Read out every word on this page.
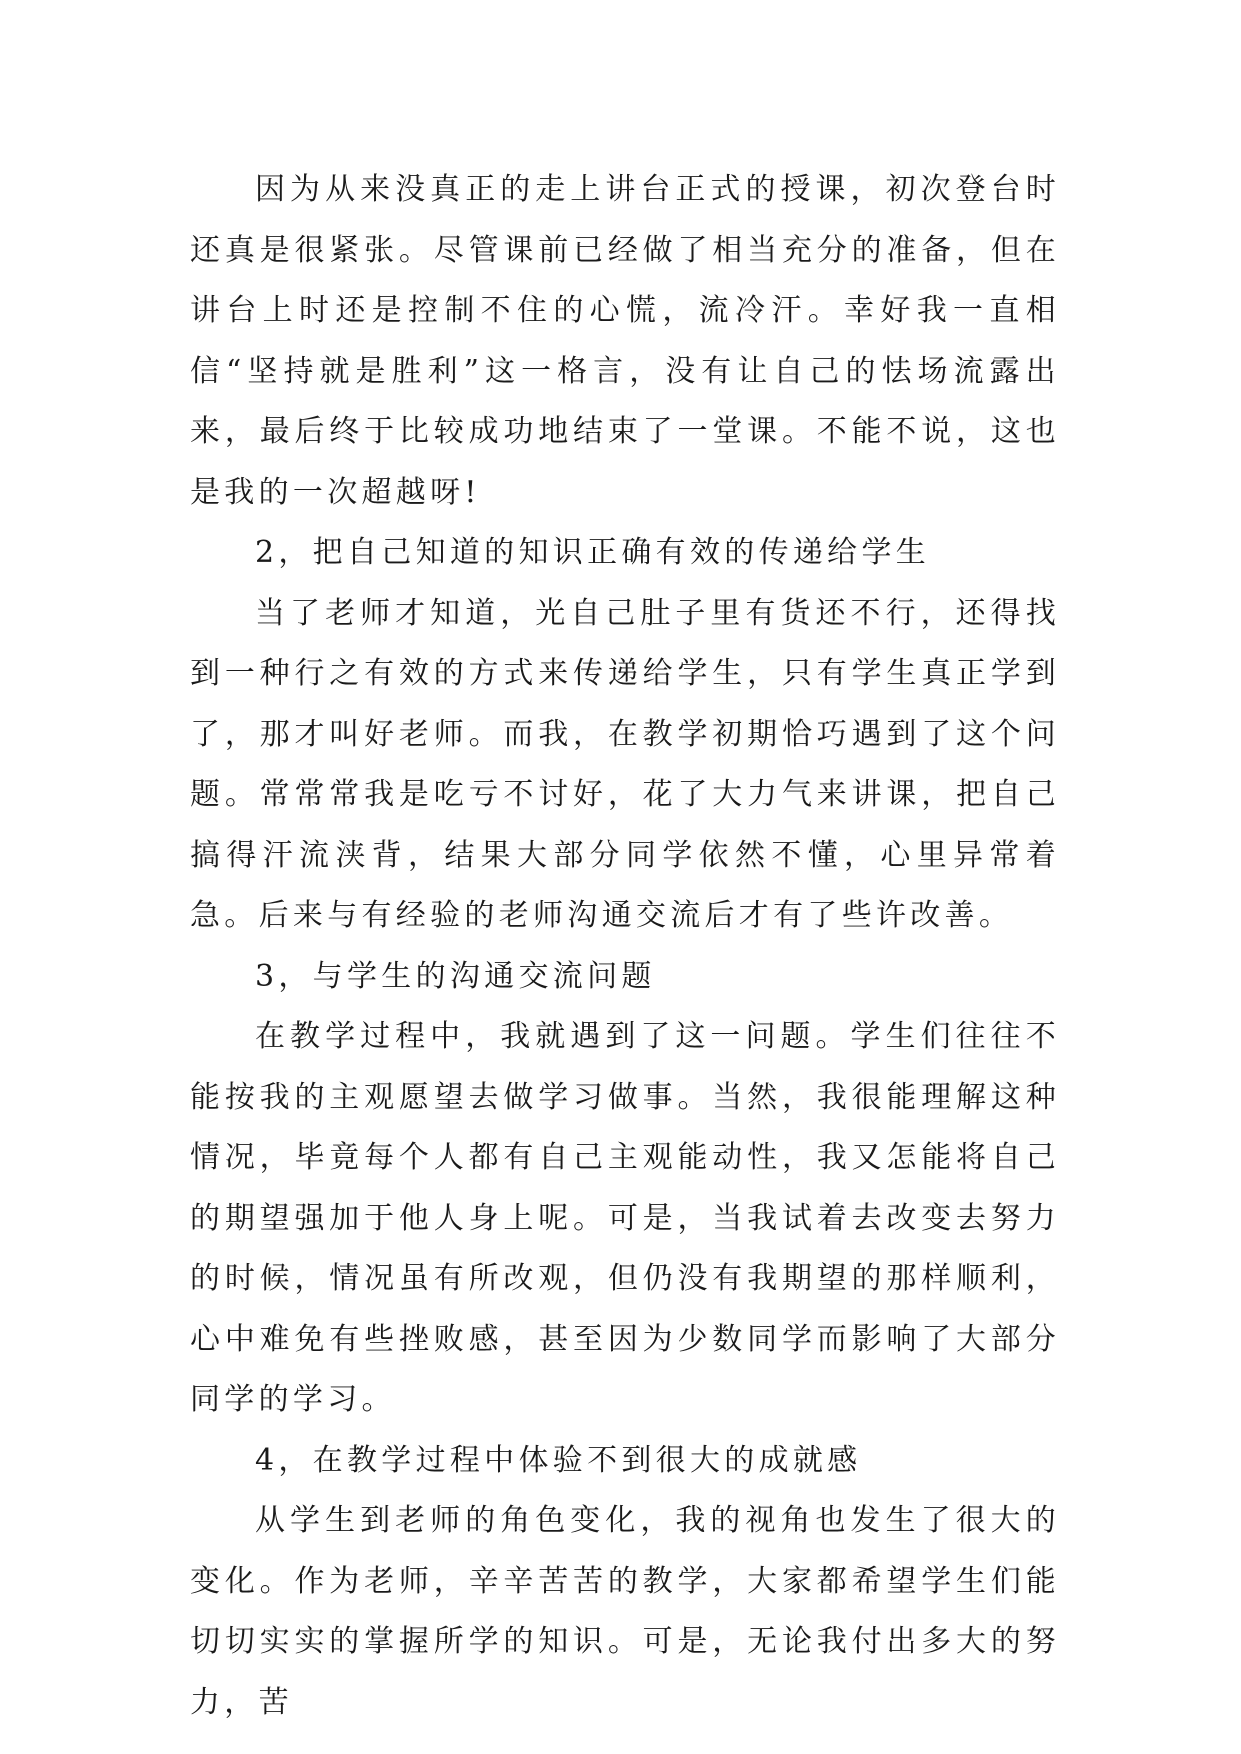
因为从来没真正的走上讲台正式的授课，初次登台时还真是很紧张。尽管课前已经做了相当充分的准备，但在讲台上时还是控制不住的心慌，流冷汗。幸好我一直相信“坚持就是胜利”这一格言，没有让自己的怯场流露出来，最后终于比较成功地结束了一堂课。不能不说，这也是我的一次超越呀!

2，把自己知道的知识正确有效的传递给学生

当了老师才知道，光自己肚子里有货还不行，还得找到一种行之有效的方式来传递给学生，只有学生真正学到了，那才叫好老师。而我，在教学初期恰巧遇到了这个问题。常常常我是吃亏不讨好，花了大力气来讲课，把自己搞得汗流浃背，结果大部分同学依然不懂，心里异常着急。后来与有经验的老师沟通交流后才有了些许改善。

3，与学生的沟通交流问题

在教学过程中，我就遇到了这一问题。学生们往往不能按我的主观愿望去做学习做事。当然，我很能理解这种情况，毕竟每个人都有自己主观能动性，我又怎能将自己的期望强加于他人身上呢。可是，当我试着去改变去努力的时候，情况虽有所改观，但仍没有我期望的那样顺利，心中难免有些挫败感，甚至因为少数同学而影响了大部分同学的学习。

4，在教学过程中体验不到很大的成就感

从学生到老师的角色变化，我的视角也发生了很大的变化。作为老师，辛辛苦苦的教学，大家都希望学生们能切切实实的掌握所学的知识。可是，无论我付出多大的努力，苦
